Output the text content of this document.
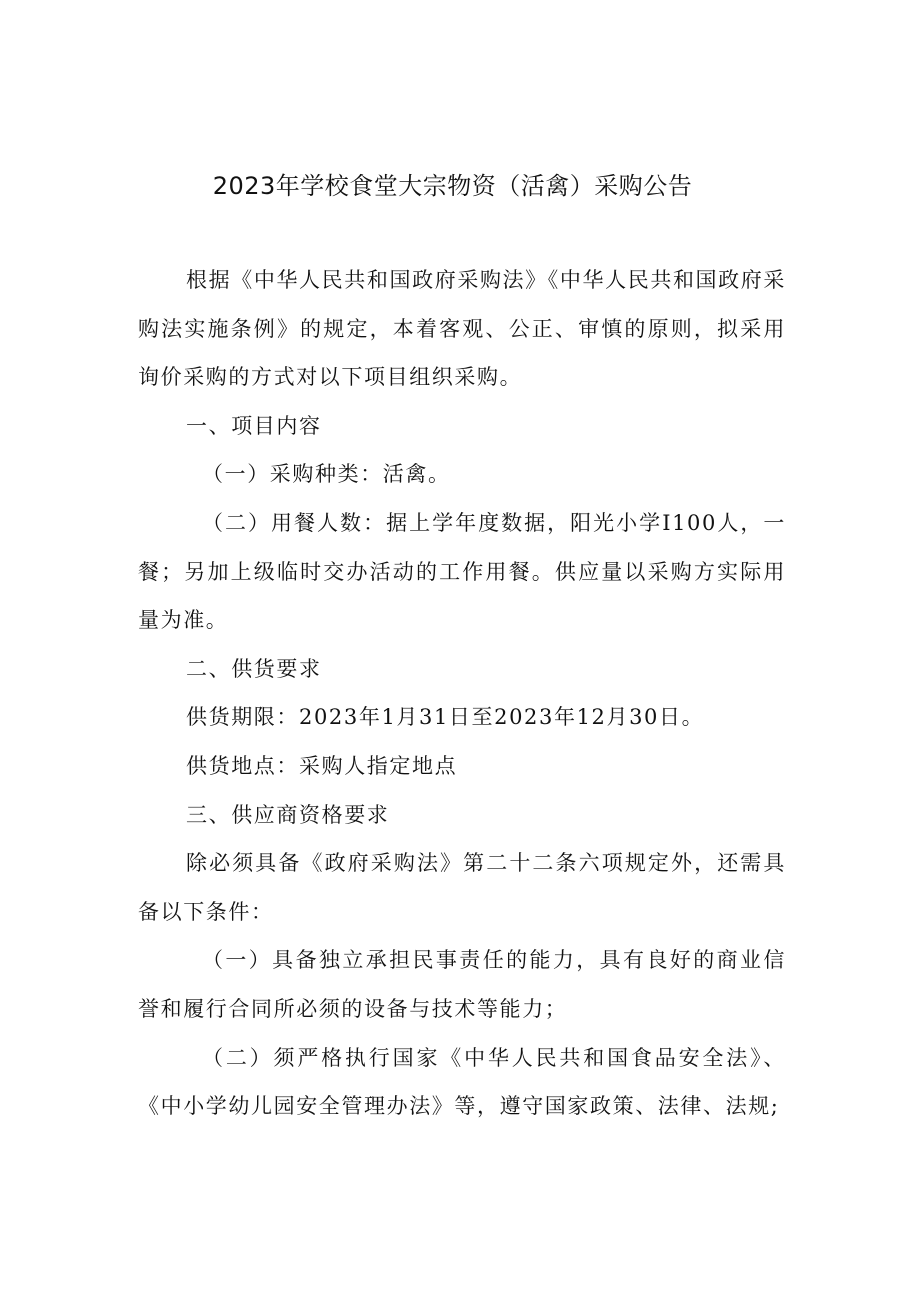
2023年学校食堂大宗物资（活禽）采购公告

根据《中华人民共和国政府采购法》《中华人民共和国政府采购法实施条例》的规定，本着客观、公正、审慎的原则，拟采用询价采购的方式对以下项目组织采购。

一、项目内容

（一）采购种类：活禽。

（二）用餐人数：据上学年度数据，阳光小学I100人，一餐；另加上级临时交办活动的工作用餐。供应量以采购方实际用量为准。

二、供货要求

供货期限：2023年1月31日至2023年12月30日。

供货地点：采购人指定地点

三、供应商资格要求

除必须具备《政府采购法》第二十二条六项规定外，还需具备以下条件：

（一）具备独立承担民事责任的能力，具有良好的商业信誉和履行合同所必须的设备与技术等能力；

（二）须严格执行国家《中华人民共和国食品安全法》、《中小学幼儿园安全管理办法》等，遵守国家政策、法律、法规;
